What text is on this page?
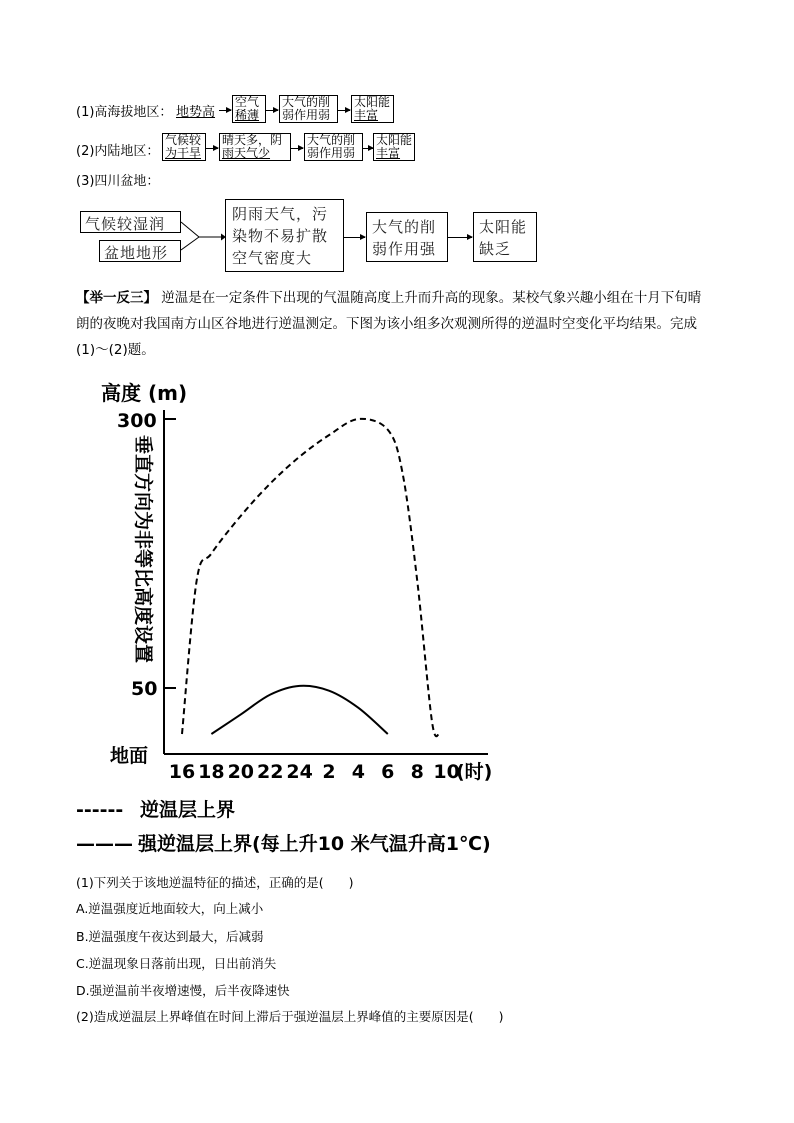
(1)高海拔地区： 地势高
空气
稀薄
大气的削
弱作用弱
太阳能
丰富
(2)内陆地区：
气候较
为干旱
晴天多，阴
雨天气少
大气的削
弱作用弱
太阳能
丰富
(3)四川盆地：
气候较湿润
盆地地形
阴雨天气，污
染物不易扩散
空气密度大
大气的削
弱作用强
太阳能
缺乏
【举一反三】 逆温是在一定条件下出现的气温随高度上升而升高的现象。某校气象兴趣小组在十月下旬晴
朗的夜晚对我国南方山区谷地进行逆温测定。下图为该小组多次观测所得的逆温时空变化平均结果。完成
(1)～(2)题。
高度 (m)
垂直方向为非等比高度设置
300
50
地面
16 18 20 22 24 2 4 6 8 10
(时)
------ 逆温层上界
——— 强逆温层上界(每上升10 米气温升高1℃)
(1)下列关于该地逆温特征的描述，正确的是(　　)
A.逆温强度近地面较大，向上减小
B.逆温强度午夜达到最大，后减弱
C.逆温现象日落前出现，日出前消失
D.强逆温前半夜增速慢，后半夜降速快
(2)造成逆温层上界峰值在时间上滞后于强逆温层上界峰值的主要原因是(　　)
